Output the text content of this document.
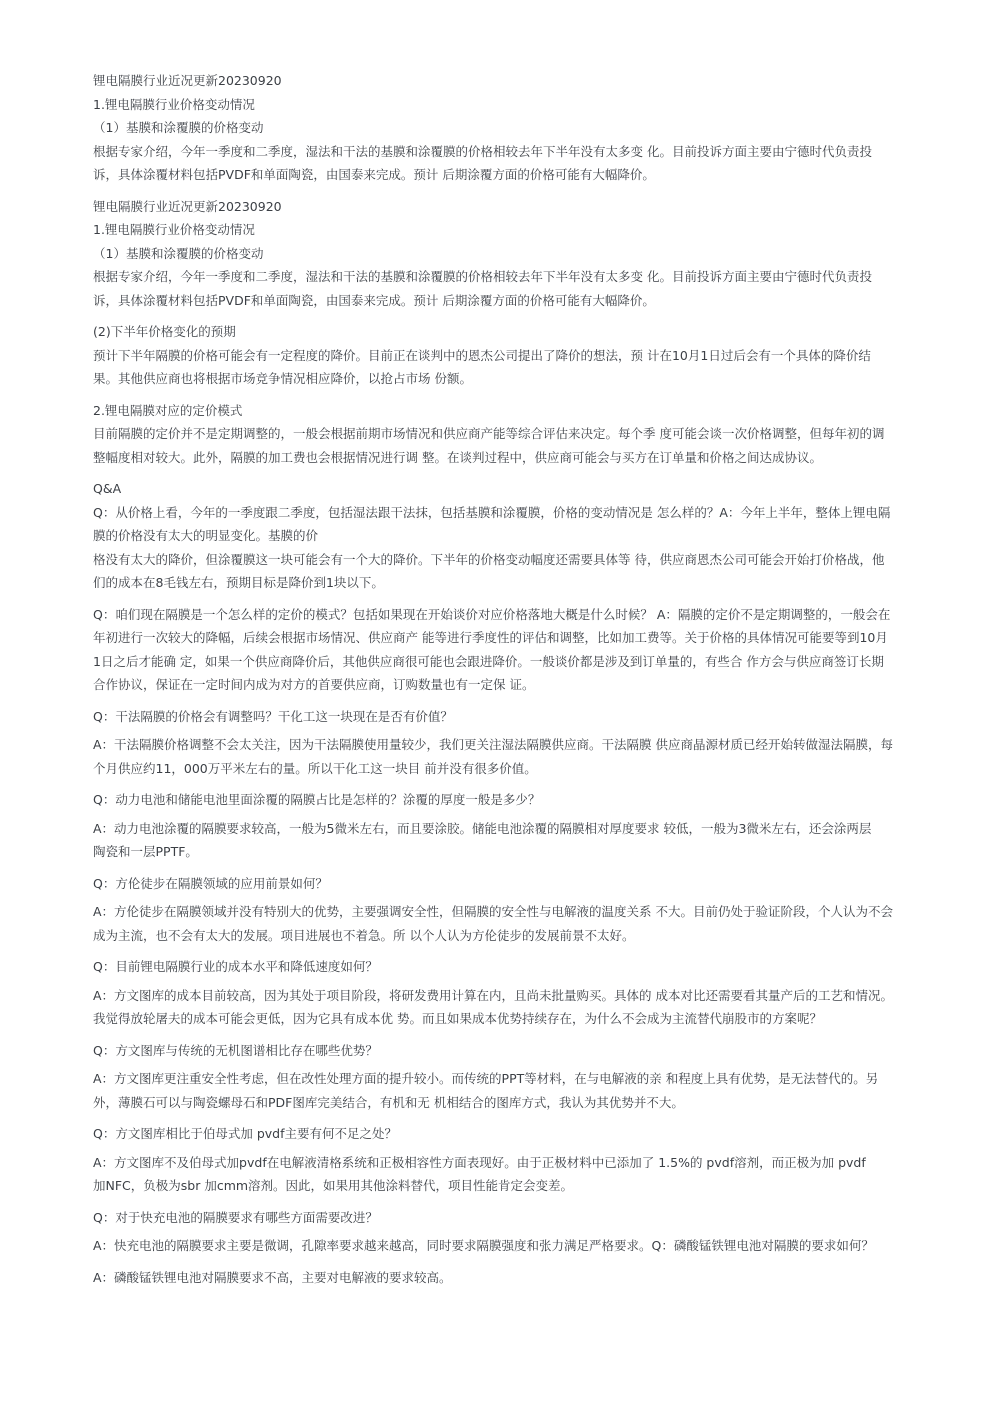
锂电隔膜行业近况更新20230920
1.锂电隔膜行业价格变动情况
（1）基膜和涂覆膜的价格变动
根据专家介绍，今年一季度和二季度，湿法和干法的基膜和涂覆膜的价格相较去年下半年没有太多变 化。目前投诉方面主要由宁德时代负责投
诉，具体涂覆材料包括PVDF和单面陶瓷，由国泰来完成。预计 后期涂覆方面的价格可能有大幅降价。
锂电隔膜行业近况更新20230920
1.锂电隔膜行业价格变动情况
（1）基膜和涂覆膜的价格变动
根据专家介绍，今年一季度和二季度，湿法和干法的基膜和涂覆膜的价格相较去年下半年没有太多变 化。目前投诉方面主要由宁德时代负责投
诉，具体涂覆材料包括PVDF和单面陶瓷，由国泰来完成。预计 后期涂覆方面的价格可能有大幅降价。
(2)下半年价格变化的预期
预计下半年隔膜的价格可能会有一定程度的降价。目前正在谈判中的恩杰公司提出了降价的想法，预 计在10月1日过后会有一个具体的降价结
果。其他供应商也将根据市场竞争情况相应降价，以抢占市场 份额。
2.锂电隔膜对应的定价模式
目前隔膜的定价并不是定期调整的，一般会根据前期市场情况和供应商产能等综合评估来决定。每个季 度可能会谈一次价格调整，但每年初的调
整幅度相对较大。此外，隔膜的加工费也会根据情况进行调 整。在谈判过程中，供应商可能会与买方在订单量和价格之间达成协议。
Q&A
Q：从价格上看，今年的一季度跟二季度，包括湿法跟干法抹，包括基膜和涂覆膜，价格的变动情况是 怎么样的？A：今年上半年，整体上锂电隔
膜的价格没有太大的明显变化。基膜的价
格没有太大的降价，但涂覆膜这一块可能会有一个大的降价。下半年的价格变动幅度还需要具体等 待，供应商恩杰公司可能会开始打价格战，他
们的成本在8毛钱左右，预期目标是降价到1块以下。
Q：咱们现在隔膜是一个怎么样的定价的模式？包括如果现在开始谈价对应价格落地大概是什么时候？ A：隔膜的定价不是定期调整的，一般会在
年初进行一次较大的降幅，后续会根据市场情况、供应商产 能等进行季度性的评估和调整，比如加工费等。关于价格的具体情况可能要等到10月
1日之后才能确 定，如果一个供应商降价后，其他供应商很可能也会跟进降价。一般谈价都是涉及到订单量的，有些合 作方会与供应商签订长期
合作协议，保证在一定时间内成为对方的首要供应商，订购数量也有一定保 证。
Q：干法隔膜的价格会有调整吗？干化工这一块现在是否有价值？
A：干法隔膜价格调整不会太关注，因为干法隔膜使用量较少，我们更关注湿法隔膜供应商。干法隔膜 供应商晶源材质已经开始转做湿法隔膜，每
个月供应约11，000万平米左右的量。所以干化工这一块目 前并没有很多价值。
Q：动力电池和储能电池里面涂覆的隔膜占比是怎样的？涂覆的厚度一般是多少？
A：动力电池涂覆的隔膜要求较高，一般为5微米左右，而且要涂胶。储能电池涂覆的隔膜相对厚度要求 较低，一般为3微米左右，还会涂两层
陶瓷和一层PPTF。
Q：方伦徒步在隔膜领域的应用前景如何？
A：方伦徒步在隔膜领域并没有特别大的优势，主要强调安全性，但隔膜的安全性与电解液的温度关系 不大。目前仍处于验证阶段，个人认为不会
成为主流，也不会有太大的发展。项目进展也不着急。所 以个人认为方伦徒步的发展前景不太好。
Q：目前锂电隔膜行业的成本水平和降低速度如何？
A：方文图库的成本目前较高，因为其处于项目阶段，将研发费用计算在内，且尚未批量购买。具体的 成本对比还需要看其量产后的工艺和情况。
我觉得放轮屠夫的成本可能会更低，因为它具有成本优 势。而且如果成本优势持续存在，为什么不会成为主流替代崩股市的方案呢？
Q：方文图库与传统的无机图谱相比存在哪些优势？
A：方文图库更注重安全性考虑，但在改性处理方面的提升较小。而传统的PPT等材料，在与电解液的亲 和程度上具有优势，是无法替代的。另
外，薄膜石可以与陶瓷螺母石和PDF图库完美结合，有机和无 机相结合的图库方式，我认为其优势并不大。
Q：方文图库相比于伯母式加 pvdf主要有何不足之处？
A：方文图库不及伯母式加pvdf在电解液清格系统和正极相容性方面表现好。由于正极材料中已添加了 1.5%的 pvdf溶剂，而正极为加 pvdf
加NFC，负极为sbr 加cmm溶剂。因此，如果用其他涂料替代，项目性能肯定会变差。
Q：对于快充电池的隔膜要求有哪些方面需要改进？
A：快充电池的隔膜要求主要是微调，孔隙率要求越来越高，同时要求隔膜强度和张力满足严格要求。Q：磷酸锰铁锂电池对隔膜的要求如何？
A：磷酸锰铁锂电池对隔膜要求不高，主要对电解液的要求较高。
